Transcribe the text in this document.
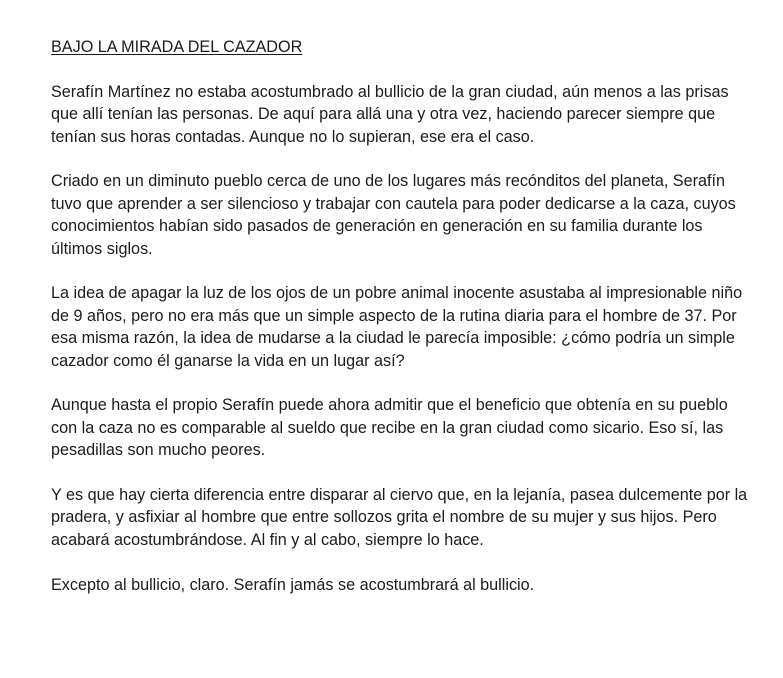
BAJO LA MIRADA DEL CAZADOR

Serafín Martínez no estaba acostumbrado al bullicio de la gran ciudad, aún menos a las prisas que allí tenían las personas. De aquí para allá una y otra vez, haciendo parecer siempre que tenían sus horas contadas. Aunque no lo supieran, ese era el caso.

Criado en un diminuto pueblo cerca de uno de los lugares más recónditos del planeta, Serafín tuvo que aprender a ser silencioso y trabajar con cautela para poder dedicarse a la caza, cuyos conocimientos habían sido pasados de generación en generación en su familia durante los últimos siglos.

La idea de apagar la luz de los ojos de un pobre animal inocente asustaba al impresionable niño de 9 años, pero no era más que un simple aspecto de la rutina diaria para el hombre de 37. Por esa misma razón, la idea de mudarse a la ciudad le parecía imposible: ¿cómo podría un simple cazador como él ganarse la vida en un lugar así?

Aunque hasta el propio Serafín puede ahora admitir que el beneficio que obtenía en su pueblo con la caza no es comparable al sueldo que recibe en la gran ciudad como sicario. Eso sí, las pesadillas son mucho peores.

Y es que hay cierta diferencia entre disparar al ciervo que, en la lejanía, pasea dulcemente por la pradera, y asfixiar al hombre que entre sollozos grita el nombre de su mujer y sus hijos. Pero acabará acostumbrándose. Al fin y al cabo, siempre lo hace.

Excepto al bullicio, claro. Serafín jamás se acostumbrará al bullicio.
